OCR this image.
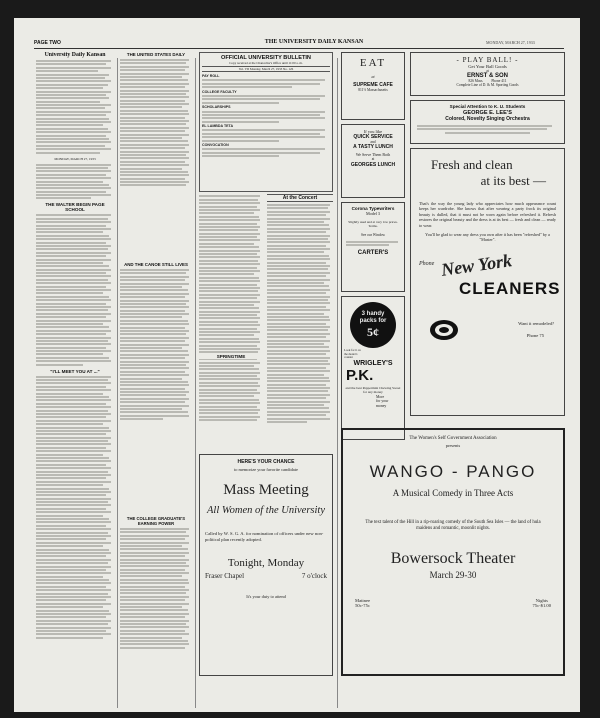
PAGE TWO	THE UNIVERSITY DAILY KANSAN	MONDAY, MARCH 27, 1933
University Daily Kansan
MONDAY, MARCH 27, 1933
THE WALTER BEGIN PAGE SCHOOL
"I'LL MEET YOU AT ..."
THE UNITED STATES DAILY
AND THE CANOE STILL LIVES
OFFICIAL UNIVERSITY BULLETIN
Copy received at the Chancellor's Office until 11:00 a. m.
Vol. VII Monday, March 27, 1933 No. 126
PAY ROLL
COLLEGE FACULTY
SCHOLARSHIPS
EL LAMBDA TETA
CONVOCATION
At the Concert
SPRINGTIME
HERE'S YOUR CHANCE
to memorize your favorite candidate
Mass Meeting
All Women of the University
Called by W. S. G. A. for nomination of officers under new non-political plan recently adopted.
Tonight, Monday
Fraser Chapel	7 o'clock
It's your duty to attend
THE COLLEGE GRADUATE'S EARNING POWER
EAT
at
SUPREME CAFE
811½ Massachusetts
If you like
QUICK SERVICE
and
A TASTY LUNCH
We Serve Them Both
at
GEORGES LUNCH
Corona Typewriters
Model 3
Slightly used and at very low prices. Terms.
See our Window
CARTER'S
3 handy packs for
5¢
Look for it on the dealer's counter
WRIGLEY'S
P.K.
More
for your
money
and the best Peppermint Chewing Sweet for any money
- PLAY BALL! -
Get Your Ball Goods
at
ERNST & SON
826 Mass.         Phone 411
Complete Line of D. & M. Sporting Goods
Special Attention to K. U. Students
GEORGE E. LEE'S
Colored, Novelty Singing Orchestra
Fresh and clean
at its best —
That's the way the young lady who appreciates how much appearance count keeps her wardrobe. She knows that after wearing a party frock its original beauty is dulled, that it must not be worn again before refreshed it. Refresh restores the original beauty and the dress is at its best — fresh and clean — ready to wear.
You'll be glad to wear any dress you own after it has been "refreshed" by a "Master".
Phone New York
CLEANERS
Want it remodeled?
Phone 75
The Women's Self Government Association
presents
WANGO - PANGO
A Musical Comedy in Three Acts
The text talent of the Hill in a rip-roaring comedy of the South Sea Isles — the land of hula maidens and romantic, moonlit nights.
Bowersock Theater
March 29-30
Matinee
50c-75c
Nights
75c-$1.00
